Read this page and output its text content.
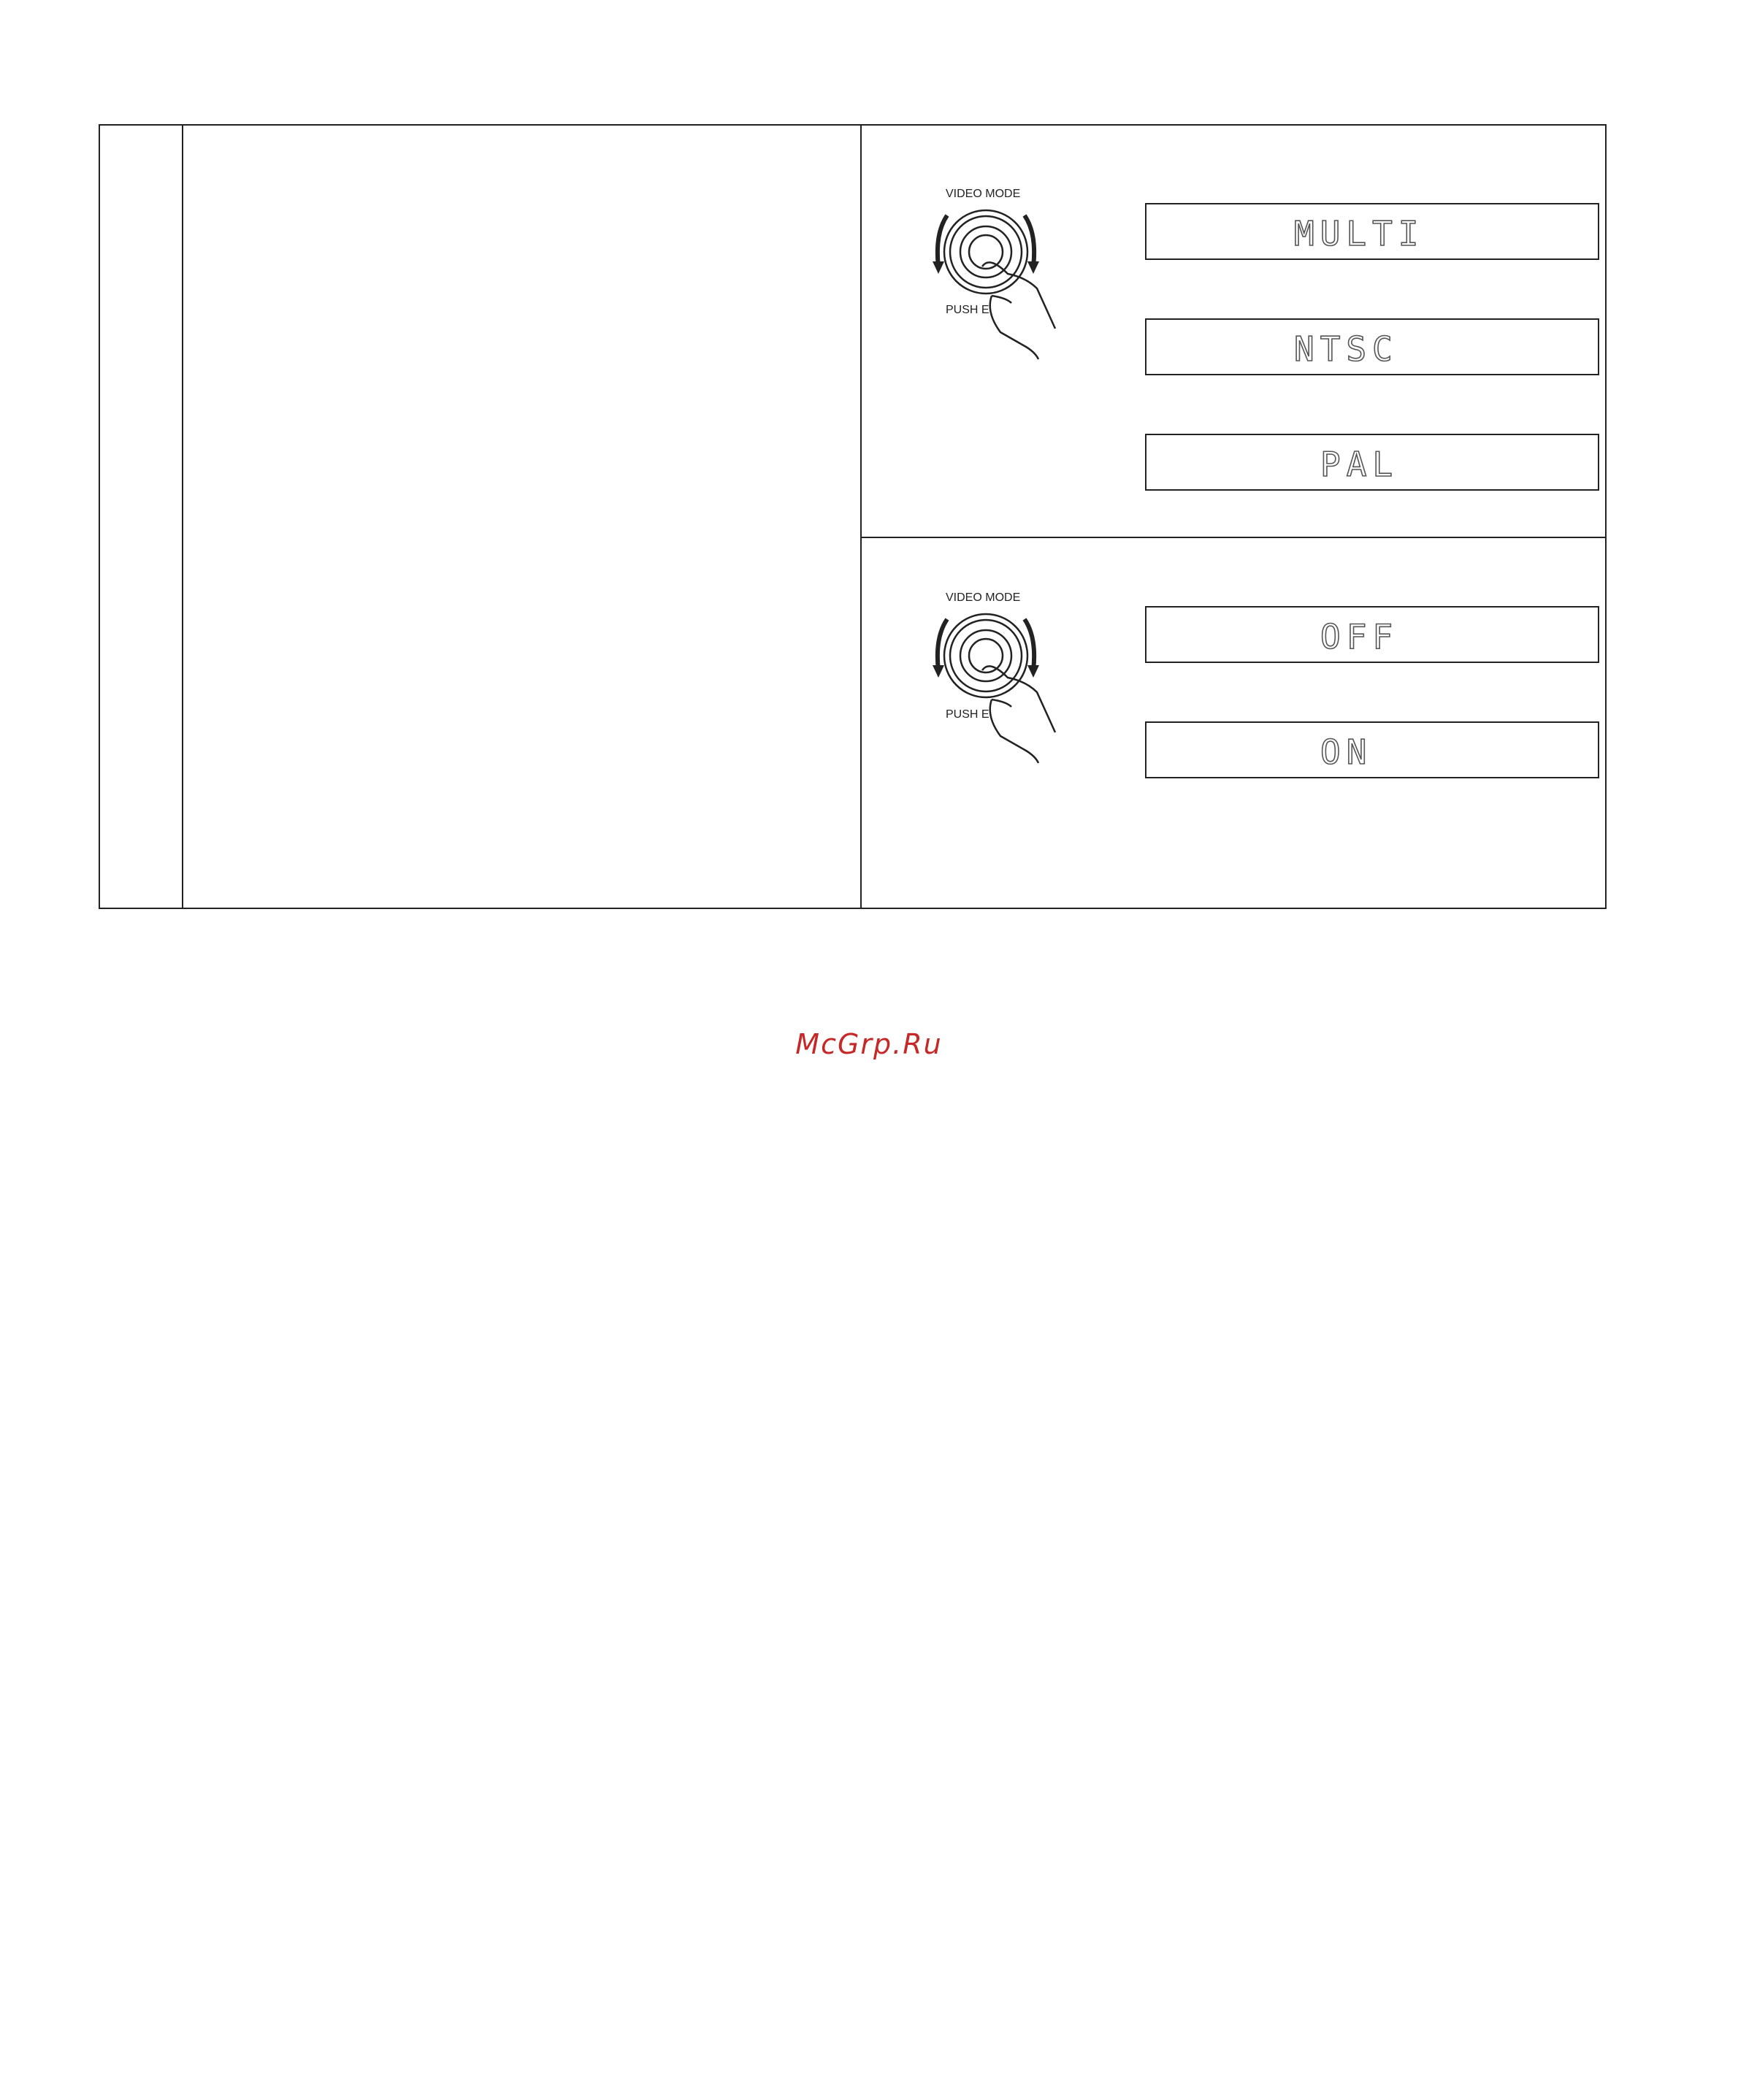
VIDEO MODE
PUSH E
MULTI
NTSC
PAL
VIDEO MODE
PUSH E
OFF
ON
McGrp.Ru
